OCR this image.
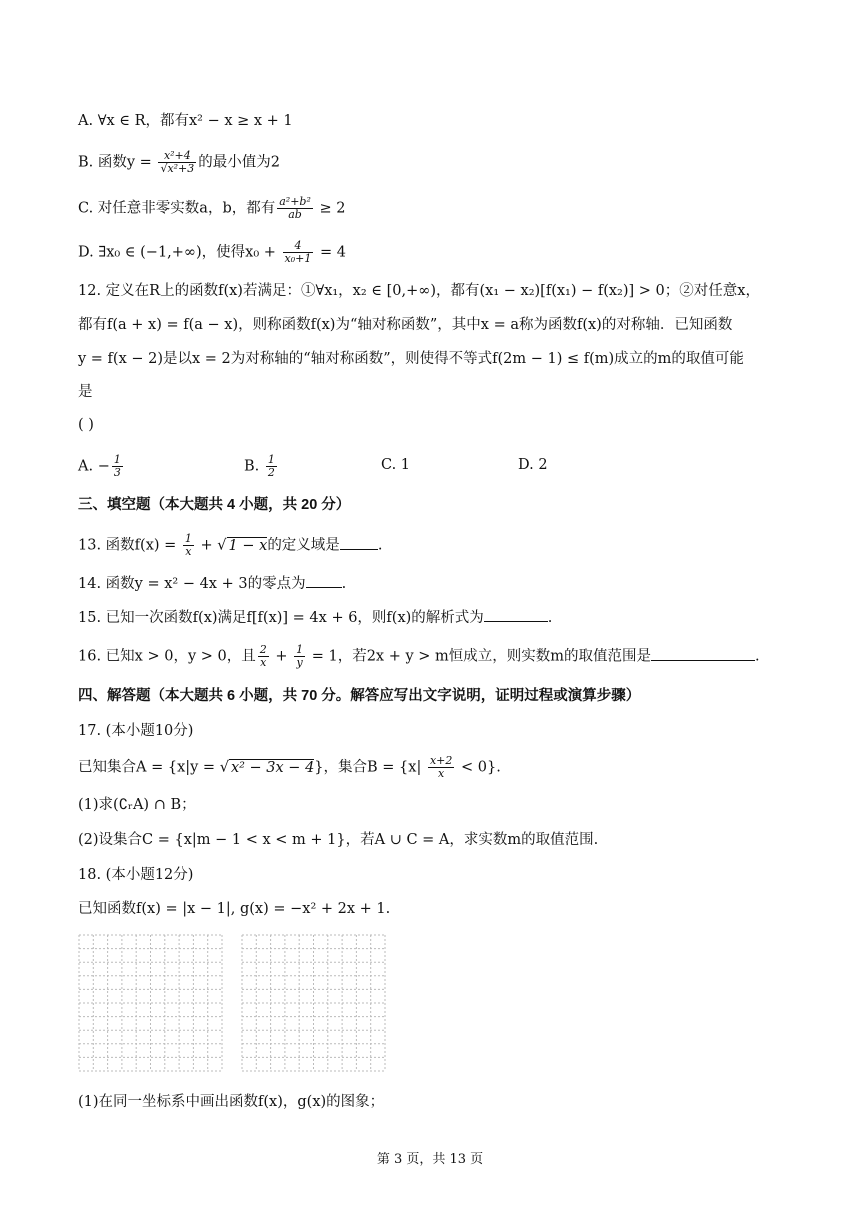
A. ∀x ∈ R，都有x² − x ≥ x + 1
B. 函数$y = \frac{\text{x²+4}}{\text{√x²+3}}$ 的最小值为2
C. 对任意非零实数a，b，都有 $\frac{\text{a²+b²}}{ab} \ge 2$
D. ∃x₀ ∈ (−1,+∞)，使得$x_0 + \frac{4}{\text{x₀+1}} = 4$
12. 定义在R上的函数f(x)若满足：①∀x₁，x₂ ∈ [0,+∞)，都有(x₁ − x₂)[f(x₁) − f(x₂)] > 0；②对任意x，
都有f(a + x) = f(a − x)，则称函数f(x)为“轴对称函数”，其中x = a称为函数f(x)的对称轴．已知函数
y = f(x − 2)是以x = 2为对称轴的“轴对称函数”，则使得不等式f(2m − 1) ≤ f(m)成立的m的取值可能
是
( )
A. − $\frac{1}{3}$	B. $\frac{1}{2}$	C. 1	D. 2
三、填空题（本大题共 4 小题，共 20 分）
13. 函数$f(x) = \frac{1}{x}$ + √ 1 − x的定义域是	.
14. 函数y = x² − 4x + 3的零点为 .
15. 已知一次函数f(x)满足f[f(x)] = 4x + 6，则f(x)的解析式为	.
16. 已知x > 0，y > 0，且 $\frac{2}{x} + \frac{1}{y} = 1$，若2x + y > m恒成立，则实数m的取值范围是	.
四、解答题（本大题共 6 小题，共 70 分。解答应写出文字说明，证明过程或演算步骤）
17. (本小题10分)
已知集合A = {x|y = √ x² − 3x − 4}，集合$B = \{x| \frac{x+2}{x} < 0\}$.
(1)求(∁ᵣA) ∩ B；
(2)设集合C = {x|m − 1 < x < m + 1}，若A ∪ C = A，求实数m的取值范围.
18. (本小题12分)
已知函数f(x) = |x − 1|, g(x) = −x² + 2x + 1.
(1)在同一坐标系中画出函数f(x)，g(x)的图象；
第 3 页，共 13 页
